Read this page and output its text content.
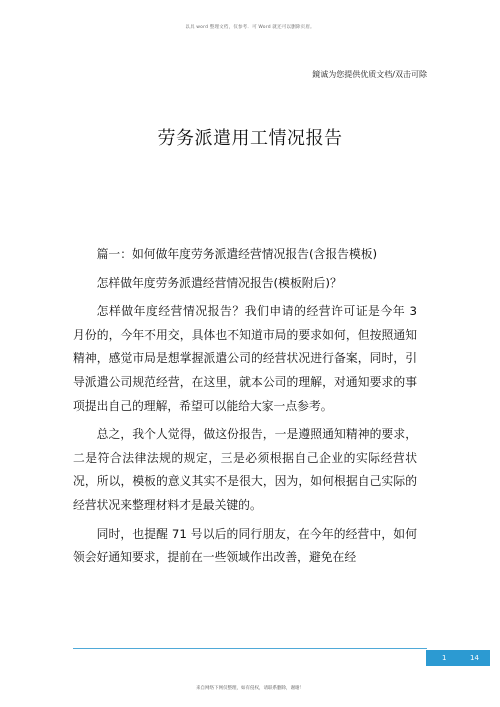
以具 word 整理文档，仅参考．可 Word 就还可以删除页眉。
鏡诚为您提供优质文档/双击可除
劳务派遣用工情况报告

篇一：如何做年度劳务派遣经营情况报告(含报告模板)

怎样做年度劳务派遣经营情况报告(模板附后)？

怎样做年度经营情况报告？我们申请的经营许可证是今年 3 月份的，今年不用交，具体也不知道市局的要求如何，但按照通知精神，感觉市局是想掌握派遣公司的经营状况进行备案，同时，引导派遣公司规范经营，在这里，就本公司的理解，对通知要求的事项提出自己的理解，希望可以能给大家一点参考。

总之，我个人觉得，做这份报告，一是遵照通知精神的要求，二是符合法律法规的规定，三是必须根据自己企业的实际经营状况，所以，模板的意义其实不是很大，因为，如何根据自己实际的经营状况来整理材料才是最关键的。

同时，也提醒 71 号以后的同行朋友，在今年的经营中，如何领会好通知要求，提前在一些领域作出改善，避免在经

1	14
来自网络下网仅整理，如有侵权，请联系删除，谢谢！
